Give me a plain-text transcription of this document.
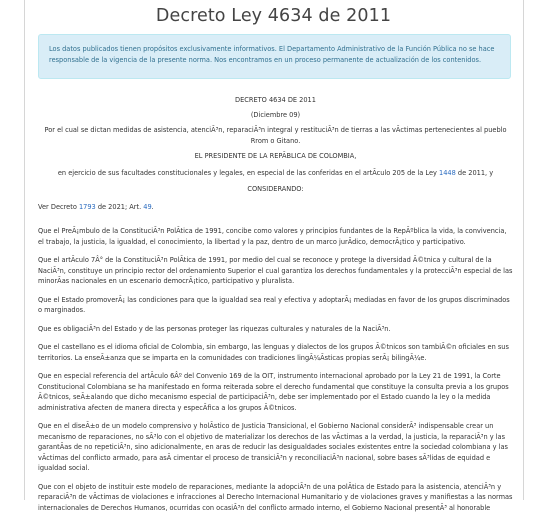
Decreto Ley 4634 de 2011
Los datos publicados tienen propósitos exclusivamente informativos. El Departamento Administrativo de la Función Pública no se hace responsable de la vigencia de la presente norma. Nos encontramos en un proceso permanente de actualización de los contenidos.

DECRETO 4634 DE 2011

(Diciembre 09)

Por el cual se dictan medidas de asistencia, atenciÃ³n, reparaciÃ³n integral y restituciÃ³n de tierras a las vÃctimas pertenecientes al pueblo Rrom o Gitano.

EL PRESIDENTE DE LA REPÃBLICA DE COLOMBIA,

en ejercicio de sus facultades constitucionales y legales, en especial de las conferidas en el artÃculo 205 de la Ley 1448 de 2011, y

CONSIDERANDO:

Ver Decreto 1793 de 2021; Art. 49.

Que el PreÃ¡mbulo de la ConstituciÃ³n PolÃtica de 1991, concibe como valores y principios fundantes de la RepÃºblica la vida, la convivencia, el trabajo, la justicia, la igualdad, el conocimiento, la libertad y la paz, dentro de un marco jurÃdico, democrÃ¡tico y participativo.

Que el artÃculo 7Â° de la ConstituciÃ³n PolÃtica de 1991, por medio del cual se reconoce y protege la diversidad Ã©tnica y cultural de la NaciÃ³n, constituye un principio rector del ordenamiento Superior el cual garantiza los derechos fundamentales y la protecciÃ³n especial de las minorÃas nacionales en un escenario democrÃ¡tico, participativo y pluralista.

Que el Estado promoverÃ¡ las condiciones para que la igualdad sea real y efectiva y adoptarÃ¡ mediadas en favor de los grupos discriminados o marginados.

Que es obligaciÃ³n del Estado y de las personas proteger las riquezas culturales y naturales de la NaciÃ³n.

Que el castellano es el idioma oficial de Colombia, sin embargo, las lenguas y dialectos de los grupos Ã©tnicos son tambiÃ©n oficiales en sus territorios. La enseÃ±anza que se imparta en la comunidades con tradiciones lingÃ¼Ãsticas propias serÃ¡ bilingÃ¼e.

Que en especial referencia del artÃculo 6Âº del Convenio 169 de la OIT, instrumento internacional aprobado por la Ley 21 de 1991, la Corte Constitucional Colombiana se ha manifestado en forma reiterada sobre el derecho fundamental que constituye la consulta previa a los grupos Ã©tnicos, seÃ±alando que dicho mecanismo especial de participaciÃ³n, debe ser implementado por el Estado cuando la ley o la medida administrativa afecten de manera directa y especÃfica a los grupos Ã©tnicos.

Que en el diseÃ±o de un modelo comprensivo y holÃstico de Justicia Transicional, el Gobierno Nacional considerÃ³ indispensable crear un mecanismo de reparaciones, no sÃ³lo con el objetivo de materializar los derechos de las vÃctimas a la verdad, la justicia, la reparaciÃ³n y las garantÃas de no repeticiÃ³n, sino adicionalmente, en aras de reducir las desigualdades sociales existentes entre la sociedad colombiana y las vÃctimas del conflicto armado, para asÃ cimentar el proceso de transiciÃ³n y reconciliaciÃ³n nacional, sobre bases sÃ³lidas de equidad e igualdad social.

Que con el objeto de instituir este modelo de reparaciones, mediante la adopciÃ³n de una polÃtica de Estado para la asistencia, atenciÃ³n y reparaciÃ³n de vÃctimas de violaciones e infracciones al Derecho Internacional Humanitario y de violaciones graves y manifiestas a las normas internacionales de Derechos Humanos, ocurridas con ocasiÃ³n del conflicto armado interno, el Gobierno Nacional presentÃ³ al honorable
